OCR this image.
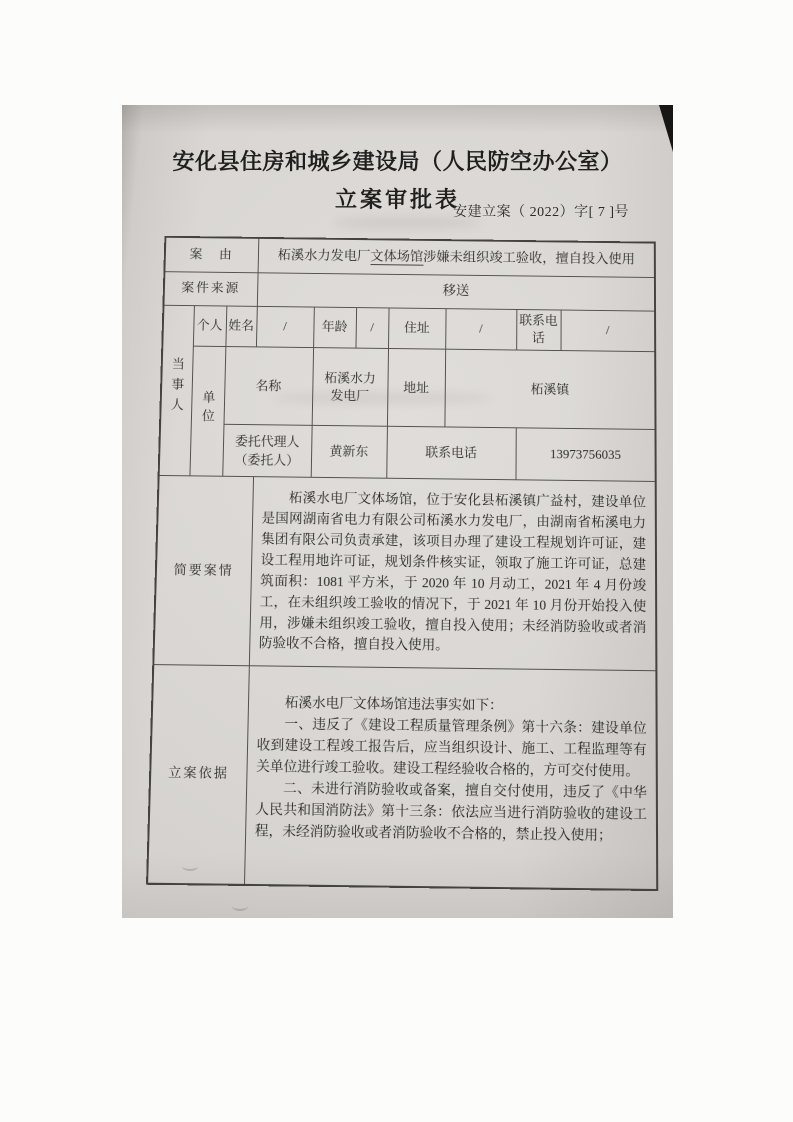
安化县住房和城乡建设局（人民防空办公室）
立案审批表
安建立案（ 2022）字[ 7 ]号
案　由			柘溪水力发电厂文体场馆涉嫌未组织竣工验收，擅自投入使用						
案件来源			移送						
当事人	个人	姓名	/	年龄	/	住址	/	联系电话	/
	单位	名称		柘溪水力发电厂		地址	柘溪镇		

		委托代理人
（委托人）		黄新东		联系电话		13973756035	
简要案情			柘溪水电厂文体场馆，位于安化县柘溪镇广益村，建设单位是国网湖南省电力有限公司柘溪水力发电厂，由湖南省柘溪电力集团有限公司负责承建，该项目办理了建设工程规划许可证，建设工程用地许可证，规划条件核实证，领取了施工许可证，总建筑面积：1081 平方米，于 2020 年 10 月动工，2021 年 4 月份竣工，在未组织竣工验收的情况下，于 2021 年 10 月份开始投入使用，涉嫌未组织竣工验收，擅自投入使用；未经消防验收或者消防验收不合格，擅自投入使用。						

立案依据			柘溪水电厂文体场馆违法事实如下：

一、违反了《建设工程质量管理条例》第十六条：建设单位收到建设工程竣工报告后，应当组织设计、施工、工程监理等有关单位进行竣工验收。建设工程经验收合格的，方可交付使用。

二、未进行消防验收或备案，擅自交付使用，违反了《中华人民共和国消防法》第十三条：依法应当进行消防验收的建设工程，未经消防验收或者消防验收不合格的，禁止投入使用；						
